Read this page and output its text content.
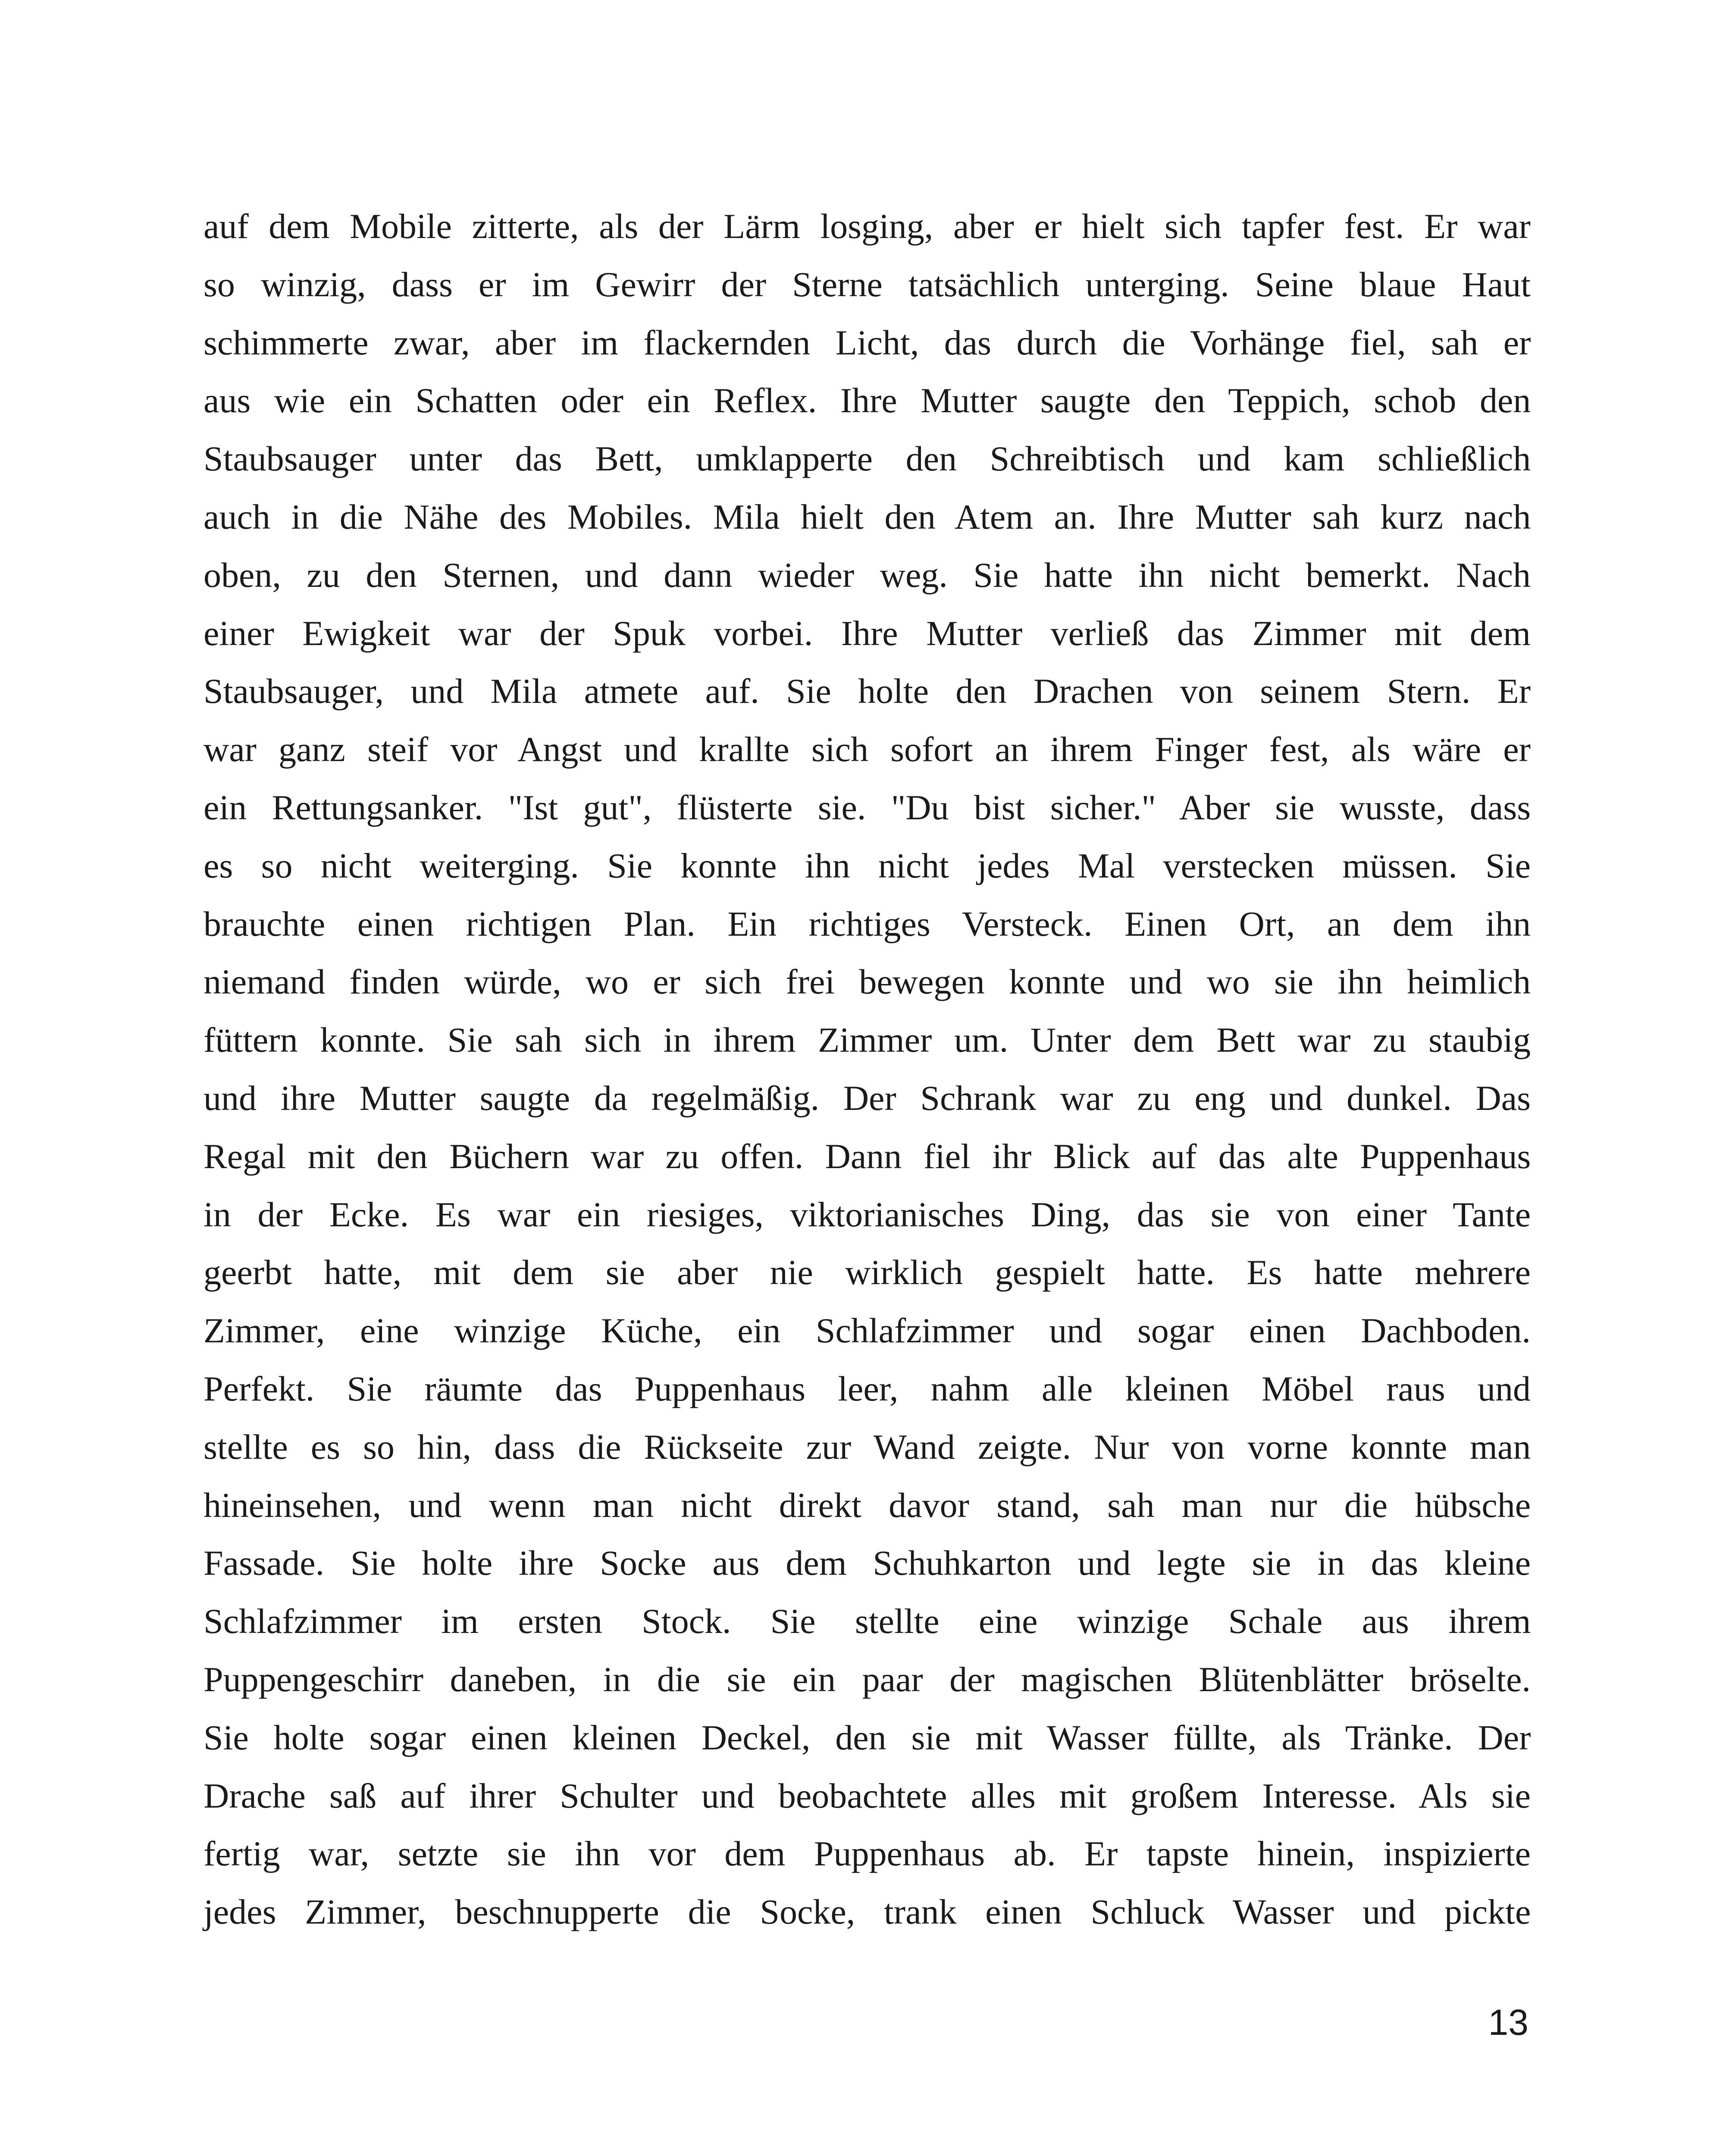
auf dem Mobile zitterte, als der Lärm losging, aber er hielt sich tapfer fest. Er war
so winzig, dass er im Gewirr der Sterne tatsächlich unterging. Seine blaue Haut
schimmerte zwar, aber im flackernden Licht, das durch die Vorhänge fiel, sah er
aus wie ein Schatten oder ein Reflex. Ihre Mutter saugte den Teppich, schob den
Staubsauger unter das Bett, umklapperte den Schreibtisch und kam schließlich
auch in die Nähe des Mobiles. Mila hielt den Atem an. Ihre Mutter sah kurz nach
oben, zu den Sternen, und dann wieder weg. Sie hatte ihn nicht bemerkt. Nach
einer Ewigkeit war der Spuk vorbei. Ihre Mutter verließ das Zimmer mit dem
Staubsauger, und Mila atmete auf. Sie holte den Drachen von seinem Stern. Er
war ganz steif vor Angst und krallte sich sofort an ihrem Finger fest, als wäre er
ein Rettungsanker. "Ist gut", flüsterte sie. "Du bist sicher." Aber sie wusste, dass
es so nicht weiterging. Sie konnte ihn nicht jedes Mal verstecken müssen. Sie
brauchte einen richtigen Plan. Ein richtiges Versteck. Einen Ort, an dem ihn
niemand finden würde, wo er sich frei bewegen konnte und wo sie ihn heimlich
füttern konnte. Sie sah sich in ihrem Zimmer um. Unter dem Bett war zu staubig
und ihre Mutter saugte da regelmäßig. Der Schrank war zu eng und dunkel. Das
Regal mit den Büchern war zu offen. Dann fiel ihr Blick auf das alte Puppenhaus
in der Ecke. Es war ein riesiges, viktorianisches Ding, das sie von einer Tante
geerbt hatte, mit dem sie aber nie wirklich gespielt hatte. Es hatte mehrere
Zimmer, eine winzige Küche, ein Schlafzimmer und sogar einen Dachboden.
Perfekt. Sie räumte das Puppenhaus leer, nahm alle kleinen Möbel raus und
stellte es so hin, dass die Rückseite zur Wand zeigte. Nur von vorne konnte man
hineinsehen, und wenn man nicht direkt davor stand, sah man nur die hübsche
Fassade. Sie holte ihre Socke aus dem Schuhkarton und legte sie in das kleine
Schlafzimmer im ersten Stock. Sie stellte eine winzige Schale aus ihrem
Puppengeschirr daneben, in die sie ein paar der magischen Blütenblätter bröselte.
Sie holte sogar einen kleinen Deckel, den sie mit Wasser füllte, als Tränke. Der
Drache saß auf ihrer Schulter und beobachtete alles mit großem Interesse. Als sie
fertig war, setzte sie ihn vor dem Puppenhaus ab. Er tapste hinein, inspizierte
jedes Zimmer, beschnupperte die Socke, trank einen Schluck Wasser und pickte
13
